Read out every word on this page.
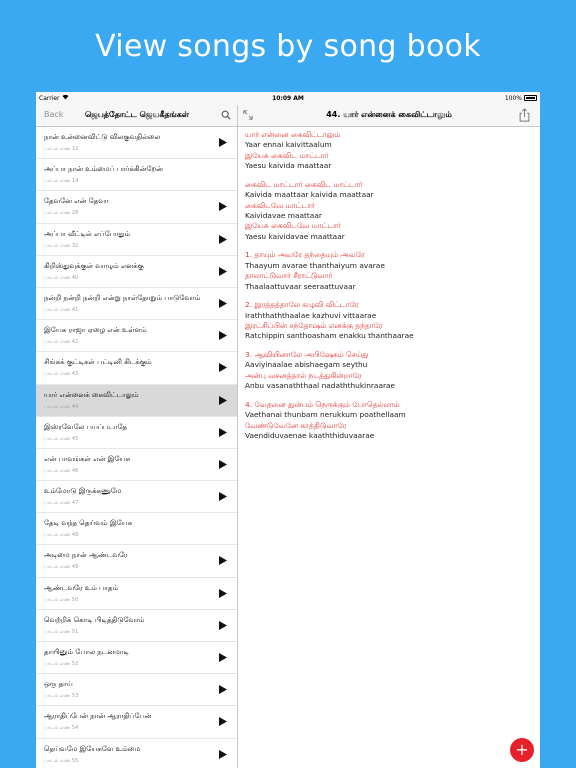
View songs by song book
Carrier	10:09 AM	100%
Back	ஜெபத்தோட்ட ஜெயகீதங்கள்	44. யார் என்னைக் கைவிட்டாலும்
நான் உன்னைவிட்டு விலகுவதில்லை
பாடல் எண் 12
அப்பா நான் உம்மைப் பார்க்கின்றேன்
பாடல் எண் 14
தேவனே என் தேவா
பாடல் எண் 28
அப்பா வீட்டில் எப்போதும்
பாடல் எண் 32
கிறிஸ்துவுக்குள் வாழும் எனக்கு
பாடல் எண் 40
நன்றி நன்றி நன்றி என்று நாள்தோறும் பாடுவோம்
பாடல் எண் 41
இயேசு ராஜா ஏழை என் உள்ளம்
பாடல் எண் 42
சிங்கக் குட்டிகள் பட்டினி கிடக்கும்
பாடல் எண் 43
யார் என்னைக் கைவிட்டாலும்
பாடல் எண் 44
இஸ்ரவேலே பயப்படாதே
பாடல் எண் 45
என் பாவங்கள் என் இயேசு
பாடல் எண் 46
உம்மோடு இருக்கணுமே
பாடல் எண் 47
தேடி வந்த தெய்வம் இயேசு
பாடல் எண் 48
அடிமை நான் ஆண்டவரே
பாடல் எண் 49
ஆண்டவரே உம் பாதம்
பாடல் எண் 50
வெற்றிக் கொடி பிடித்திடுவோம்
பாடல் எண் 51
தாயினும் போல நடனமாடி
பாடல் எண் 52
ஒரு தாய்
பாடல் எண் 53
ஆராதிப்பேன் நான் ஆராதிப்பேன்
பாடல் எண் 54
தெய்வமே இயேசுவே உம்மை
பாடல் எண் 55
யார் என்னை கைவிட்டாலும்
Yaar ennai kaivittaalum
இயேசு கைவிட மாட்டார்
Yaesu kaivida maattaar
கைவிட மாட்டார் கைவிட மாட்டார்
Kaivida maattaar kaivida maattaar
கைவிடவே மாட்டார்
Kaividavae maattaar
இயேசு கைவிடவே மாட்டார்
Yaesu kaividavae maattaar
1. தாயும் அவரே தந்தையும் அவரே
Thaayum avarae thanthaiyum avarae
தாலாட்டுவார் சீராட்டுவார்
Thaalaattuvaar seeraattuvaar
2. இரத்தத்தாலே கழுவி விட்டாரே
Iraththaththaalae kazhuvi vittaarae
இரட்சிப்பின் சந்தோஷம் எனக்கு தந்தாரே
Ratchippin santhoasham enakku thanthaarae
3. ஆவியினாலே அபிஷேகம் செய்து
Aaviyinaalae abishaegam seythu
அன்பு வசனத்தால் நடத்துகின்றாரே
Anbu vasanaththaal nadaththukinraarae
4. வேதனை துன்பம் நெருக்கும் போதெல்லாம்
Vaethanai thunbam nerukkum poathellaam
வேண்டுவேனே காத்திடுவாரே
Vaendiduvaenae kaaththiduvaarae
+
